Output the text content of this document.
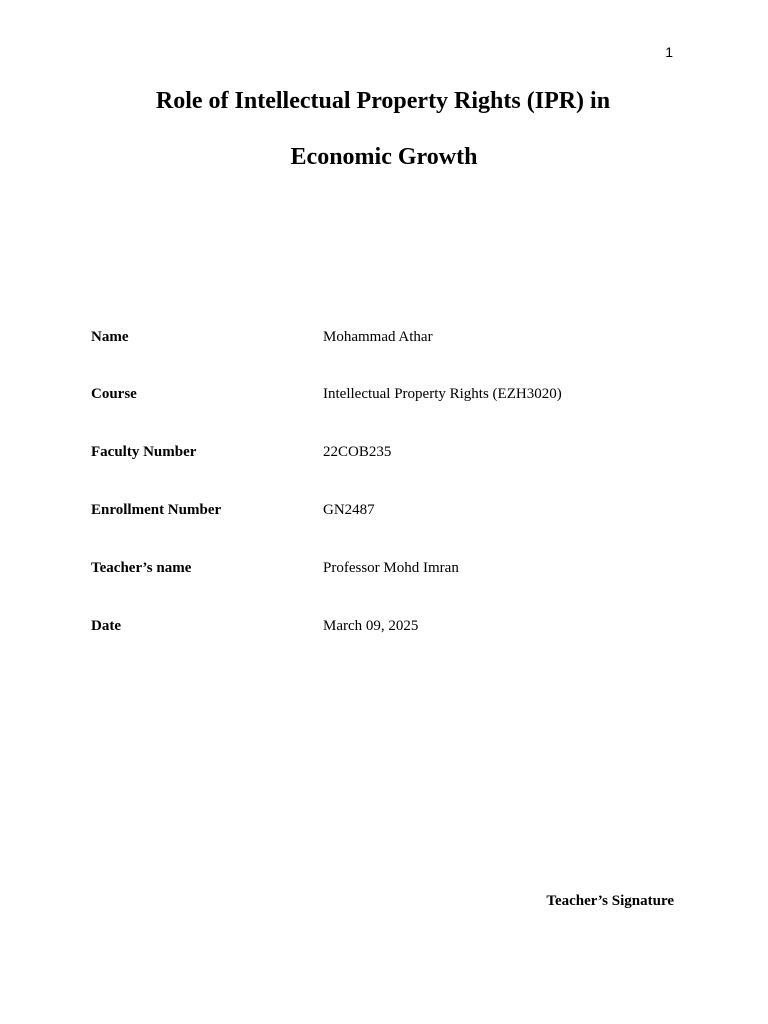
1
Role of Intellectual Property Rights (IPR) in
Economic Growth
Name	Mohammad Athar
Course	Intellectual Property Rights (EZH3020)
Faculty Number	22COB235
Enrollment Number	GN2487
Teacher’s name	Professor Mohd Imran
Date	March 09, 2025
Teacher’s Signature
